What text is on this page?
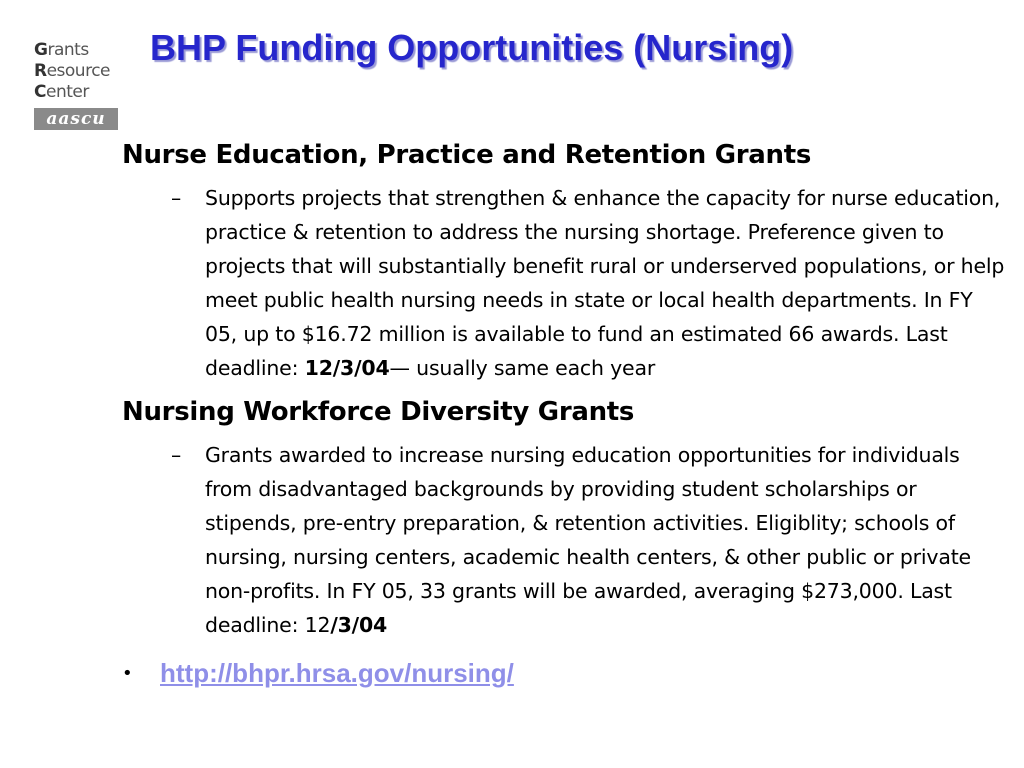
Grants
Resource
Center
aascu
BHP Funding Opportunities (Nursing)
Nurse Education, Practice and Retention Grants
– Supports projects that strengthen & enhance the capacity for nurse education, practice & retention to address the nursing shortage. Preference given to projects that will substantially benefit rural or underserved populations, or help meet public health nursing needs in state or local health departments. In FY 05, up to $16.72 million is available to fund an estimated 66 awards. Last deadline: 12/3/04— usually same each year
Nursing Workforce Diversity Grants
– Grants awarded to increase nursing education opportunities for individuals from disadvantaged backgrounds by providing student scholarships or stipends, pre-entry preparation, & retention activities. Eligiblity; schools of nursing, nursing centers, academic health centers, & other public or private non-profits. In FY 05, 33 grants will be awarded, averaging $273,000. Last deadline: 12/3/04
• http://bhpr.hrsa.gov/nursing/
